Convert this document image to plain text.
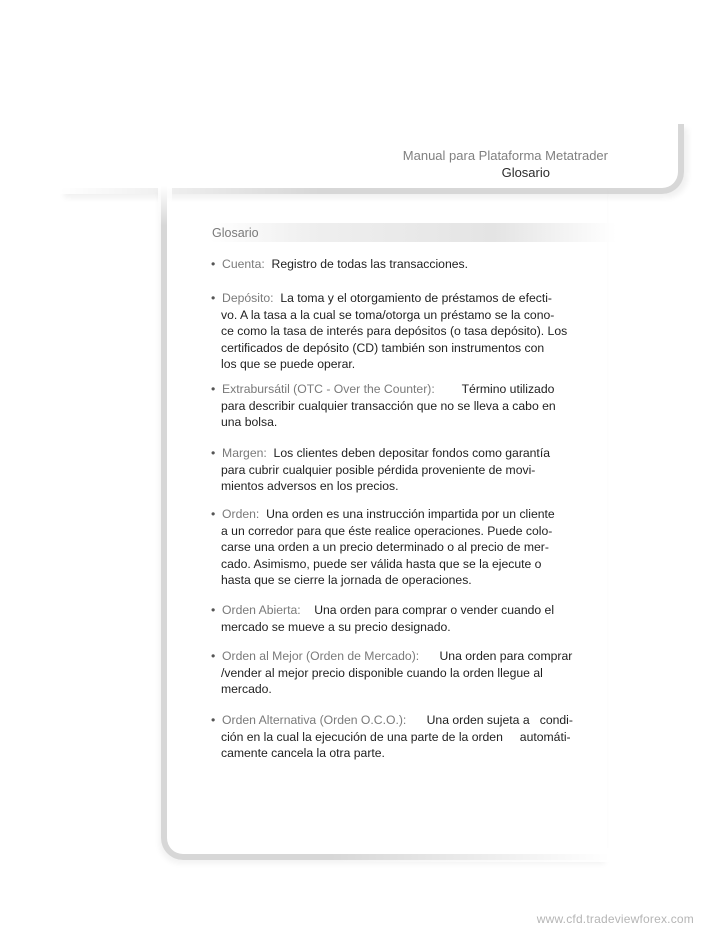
Manual para Plataforma Metatrader
Glosario
Glosario
•  Cuenta: Registro de todas las transacciones.
•  Depósito: La toma y el otorgamiento de préstamos de efecti-
vo. A la tasa a la cual se toma/otorga un préstamo se la cono-
ce como la tasa de interés para depósitos (o tasa depósito). Los
certificados de depósito (CD) también son instrumentos con
los que se puede operar.
•  Extrabursátil (OTC - Over the Counter): Término utilizado
para describir cualquier transacción que no se lleva a cabo en
una bolsa.
•  Margen: Los clientes deben depositar fondos como garantía
para cubrir cualquier posible pérdida proveniente de movi-
mientos adversos en los precios.
•  Orden: Una orden es una instrucción impartida por un cliente
a un corredor para que éste realice operaciones. Puede colo-
carse una orden a un precio determinado o al precio de mer-
cado. Asimismo, puede ser válida hasta que se la ejecute o
hasta que se cierre la jornada de operaciones.
•  Orden Abierta: Una orden para comprar o vender cuando el
mercado se mueve a su precio designado.
•  Orden al Mejor (Orden de Mercado): Una orden para comprar
/vender al mejor precio disponible cuando la orden llegue al
mercado.
•  Orden Alternativa (Orden O.C.O.): Una orden sujeta a   condi-
ción en la cual la ejecución de una parte de la orden     automáti-
camente cancela la otra parte.
www.cfd.tradeviewforex.com
